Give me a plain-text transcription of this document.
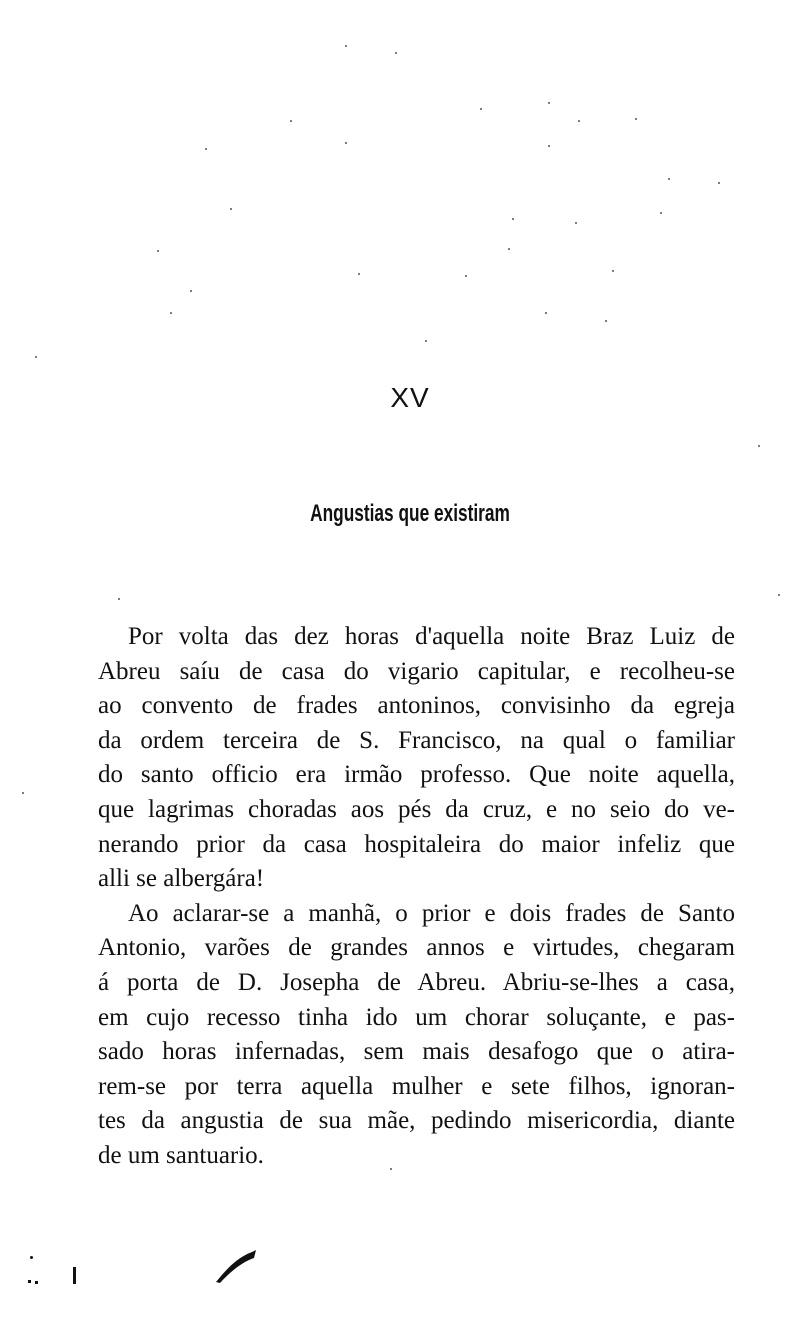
XV
Angustias que existiram
Por volta das dez horas d'aquella noite Braz Luiz de
Abreu saíu de casa do vigario capitular, e recolheu-se
ao convento de frades antoninos, convisinho da egreja
da ordem terceira de S. Francisco, na qual o familiar
do santo officio era irmão professo. Que noite aquella,
que lagrimas choradas aos pés da cruz, e no seio do ve-
nerando prior da casa hospitaleira do maior infeliz que
alli se albergára!
Ao aclarar-se a manhã, o prior e dois frades de Santo
Antonio, varões de grandes annos e virtudes, chegaram
á porta de D. Josepha de Abreu. Abriu-se-lhes a casa,
em cujo recesso tinha ido um chorar soluçante, e pas-
sado horas infernadas, sem mais desafogo que o atira-
rem-se por terra aquella mulher e sete filhos, ignoran-
tes da angustia de sua mãe, pedindo misericordia, diante
de um santuario.
